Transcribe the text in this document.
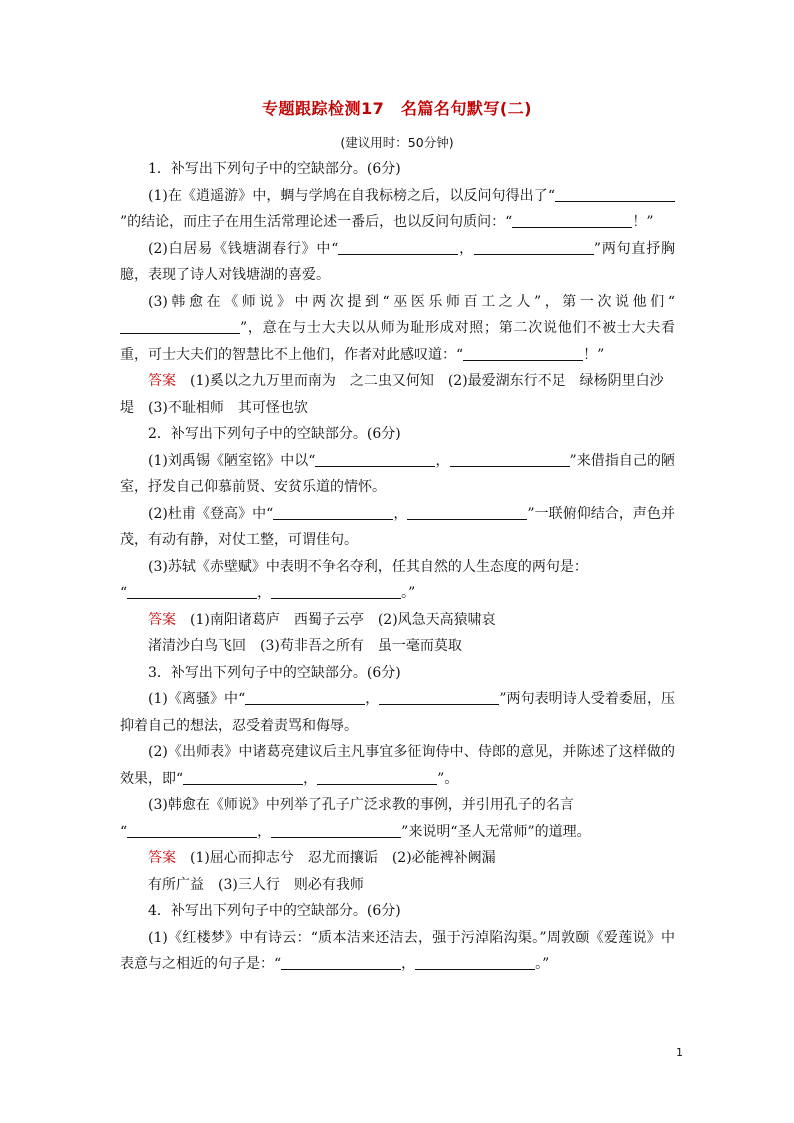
专题跟踪检测17　名篇名句默写(二)
(建议用时：50分钟)

1．补写出下列句子中的空缺部分。(6分)

(1)在《逍遥游》中，蜩与学鸠在自我标榜之后，以反问句得出了“”的结论，而庄子在用生活常理论述一番后，也以反问句质问：“	！”

(2)白居易《钱塘湖春行》中“	，	”两句直抒胸臆，表现了诗人对钱塘湖的喜爱。

(3)韩愈在《师说》中两次提到“巫医乐师百工之人”，第一次说他们“”，意在与士大夫以从师为耻形成对照；第二次说他们不被士大夫看重，可士大夫们的智慧比不上他们，作者对此感叹道：“	！”

答案　 (1)奚以之九万里而南为　之二虫又何知　(2)最爱湖东行不足　绿杨阴里白沙

堤　(3)不耻相师　其可怪也欤

2．补写出下列句子中的空缺部分。(6分)

(1)刘禹锡《陋室铭》中以“	，	”来借指自己的陋室，抒发自己仰慕前贤、安贫乐道的情怀。

(2)杜甫《登高》中“	，	”一联俯仰结合，声色并茂，有动有静，对仗工整，可谓佳句。

(3)苏轼《赤壁赋》中表明不争名夺利，任其自然的人生态度的两句是：

“	，	。”

答案　 (1)南阳诸葛庐　西蜀子云亭　(2)风急天高猿啸哀

渚清沙白鸟飞回　(3)苟非吾之所有　虽一毫而莫取

3．补写出下列句子中的空缺部分。(6分)

(1)《离骚》中“	，	”两句表明诗人受着委屈，压抑着自己的想法，忍受着责骂和侮辱。

(2)《出师表》中诸葛亮建议后主凡事宜多征询侍中、侍郎的意见，并陈述了这样做的效果，即“	，	”。

(3)韩愈在《师说》中列举了孔子广泛求教的事例，并引用孔子的名言

“	，	”来说明“圣人无常师”的道理。

答案　 (1)屈心而抑志兮　忍尤而攘诟　(2)必能裨补阙漏

有所广益　(3)三人行　则必有我师

4．补写出下列句子中的空缺部分。(6分)

(1)《红楼梦》中有诗云：“质本洁来还洁去，强于污淖陷沟渠。”周敦颐《爱莲说》中表意与之相近的句子是：“	，	。”

1
